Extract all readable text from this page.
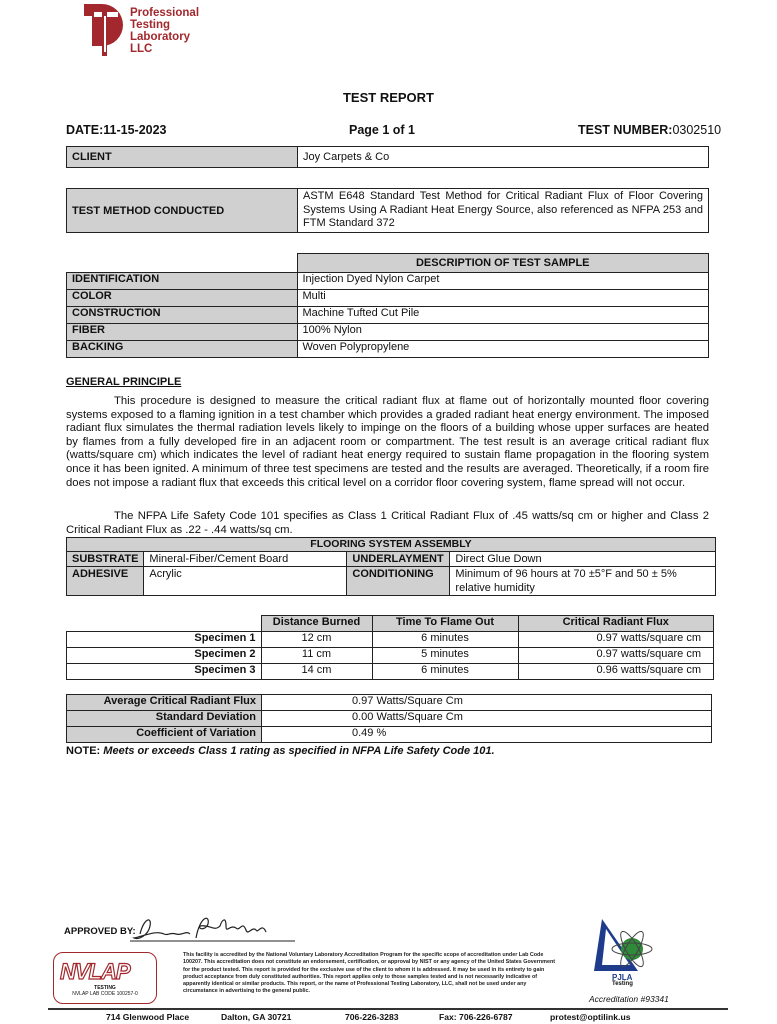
Professional
Testing
Laboratory
LLC
TEST REPORT
DATE:11-15-2023	Page 1 of 1	TEST NUMBER:0302510
CLIENT	Joy Carpets & Co
TEST METHOD CONDUCTED	ASTM E648 Standard Test Method for Critical Radiant Flux of Floor Covering Systems Using A Radiant Heat Energy Source, also referenced as NFPA 253 and FTM Standard 372
	DESCRIPTION OF TEST SAMPLE
IDENTIFICATION	Injection Dyed Nylon Carpet
COLOR	Multi
CONSTRUCTION	Machine Tufted Cut Pile
FIBER	100% Nylon
BACKING	Woven Polypropylene
GENERAL PRINCIPLE
This procedure is designed to measure the critical radiant flux at flame out of horizontally mounted floor covering systems exposed to a flaming ignition in a test chamber which provides a graded radiant heat energy environment. The imposed radiant flux simulates the thermal radiation levels likely to impinge on the floors of a building whose upper surfaces are heated by flames from a fully developed fire in an adjacent room or compartment. The test result is an average critical radiant flux (watts/square cm) which indicates the level of radiant heat energy required to sustain flame propagation in the flooring system once it has been ignited. A minimum of three test specimens are tested and the results are averaged. Theoretically, if a room fire does not impose a radiant flux that exceeds this critical level on a corridor floor covering system, flame spread will not occur.
The NFPA Life Safety Code 101 specifies as Class 1 Critical Radiant Flux of .45 watts/sq cm or higher and Class 2 Critical Radiant Flux as .22 - .44 watts/sq cm.
FLOORING SYSTEM ASSEMBLY			
SUBSTRATE	Mineral-Fiber/Cement Board	UNDERLAYMENT	Direct Glue Down
ADHESIVE	Acrylic	CONDITIONING	Minimum of 96 hours at 70 ±5°F and 50 ± 5% relative humidity
	Distance Burned	Time To Flame Out	Critical Radiant Flux
Specimen 1	12 cm	6 minutes	0.97 watts/square cm
Specimen 2	11 cm	5 minutes	0.97 watts/square cm
Specimen 3	14 cm	6 minutes	0.96 watts/square cm
Average Critical Radiant Flux	0.97 Watts/Square Cm
Standard Deviation	0.00 Watts/Square Cm
Coefficient of Variation	0.49 %
NOTE: Meets or exceeds Class 1 rating as specified in NFPA Life Safety Code 101.
APPROVED BY:
NVLAP
TESTING
NVLAP LAB CODE 100257-0
This facility is accredited by the National Voluntary Laboratory Accreditation Program for the specific scope of accreditation under Lab Code 100207. This accreditation does not constitute an endorsement, certification, or approval by NIST or any agency of the United States Government for the product tested. This report is provided for the exclusive use of the client to whom it is addressed. It may be used in its entirety to gain product acceptance from duly constituted authorities. This report applies only to those samples tested and is not necessarily indicative of apparently identical or similar products. This report, or the name of Professional Testing Laboratory, LLC, shall not be used under any circumstance in advertising to the general public.
PJLA
Testing
Accreditation #93341
714 Glenwood Place	Dalton, GA 30721	706-226-3283	Fax: 706-226-6787	protest@optilink.us
